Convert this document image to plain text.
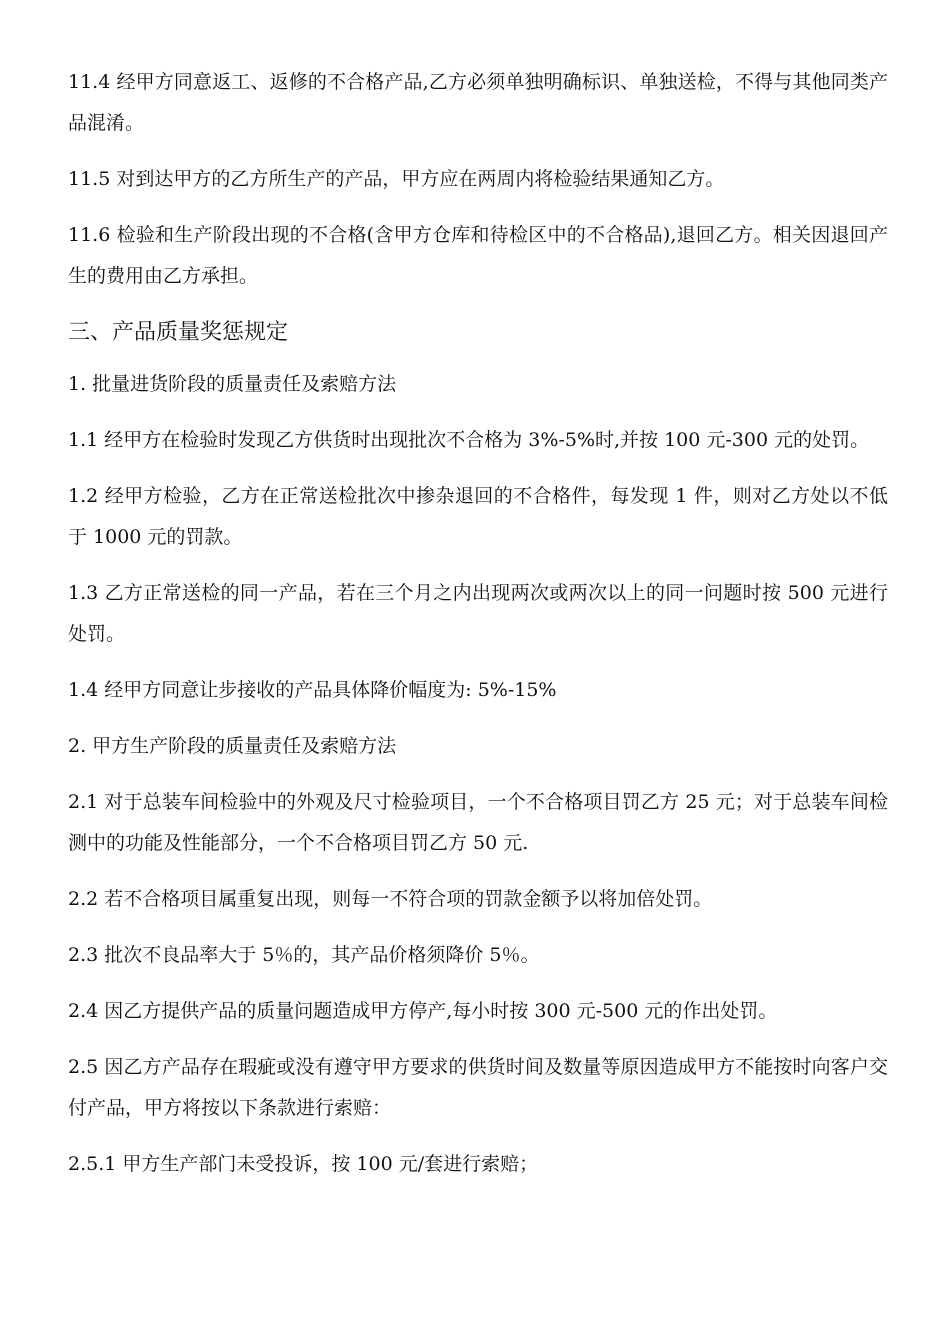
11.4 经甲方同意返工、返修的不合格产品,乙方必须单独明确标识、单独送检，不得与其他同类产品混淆。

11.5 对到达甲方的乙方所生产的产品，甲方应在两周内将检验结果通知乙方。

11.6 检验和生产阶段出现的不合格(含甲方仓库和待检区中的不合格品),退回乙方。相关因退回产生的费用由乙方承担。

三、产品质量奖惩规定

1. 批量进货阶段的质量责任及索赔方法

1.1 经甲方在检验时发现乙方供货时出现批次不合格为 3%-5%时,并按 100 元-300 元的处罚。

1.2 经甲方检验，乙方在正常送检批次中掺杂退回的不合格件，每发现 1 件，则对乙方处以不低于 1000 元的罚款。

1.3 乙方正常送检的同一产品，若在三个月之内出现两次或两次以上的同一问题时按 500 元进行处罚。

1.4 经甲方同意让步接收的产品具体降价幅度为: 5%-15%

2. 甲方生产阶段的质量责任及索赔方法

2.1 对于总装车间检验中的外观及尺寸检验项目，一个不合格项目罚乙方 25 元；对于总装车间检测中的功能及性能部分，一个不合格项目罚乙方 50 元.

2.2 若不合格项目属重复出现，则每一不符合项的罚款金额予以将加倍处罚。

2.3 批次不良品率大于 5％的，其产品价格须降价 5％。

2.4 因乙方提供产品的质量问题造成甲方停产,每小时按 300 元-500 元的作出处罚。

2.5 因乙方产品存在瑕疵或没有遵守甲方要求的供货时间及数量等原因造成甲方不能按时向客户交付产品，甲方将按以下条款进行索赔：

2.5.1 甲方生产部门未受投诉，按 100 元/套进行索赔；
